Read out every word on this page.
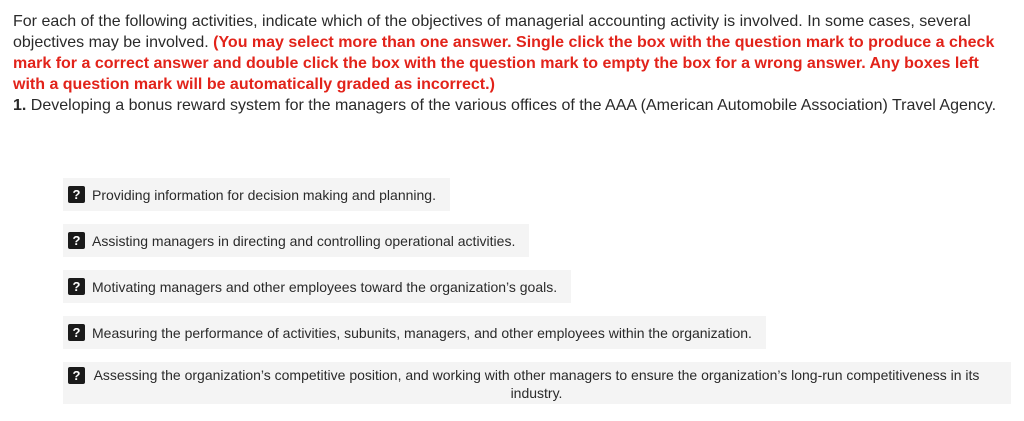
For each of the following activities, indicate which of the objectives of managerial accounting activity is involved. In some cases, several objectives may be involved. (You may select more than one answer. Single click the box with the question mark to produce a check mark for a correct answer and double click the box with the question mark to empty the box for a wrong answer. Any boxes left with a question mark will be automatically graded as incorrect.)
1. Developing a bonus reward system for the managers of the various offices of the AAA (American Automobile Association) Travel Agency.
? Providing information for decision making and planning.
? Assisting managers in directing and controlling operational activities.
? Motivating managers and other employees toward the organization’s goals.
? Measuring the performance of activities, subunits, managers, and other employees within the organization.
? Assessing the organization’s competitive position, and working with other managers to ensure the organization’s long-run competitiveness in its industry.
